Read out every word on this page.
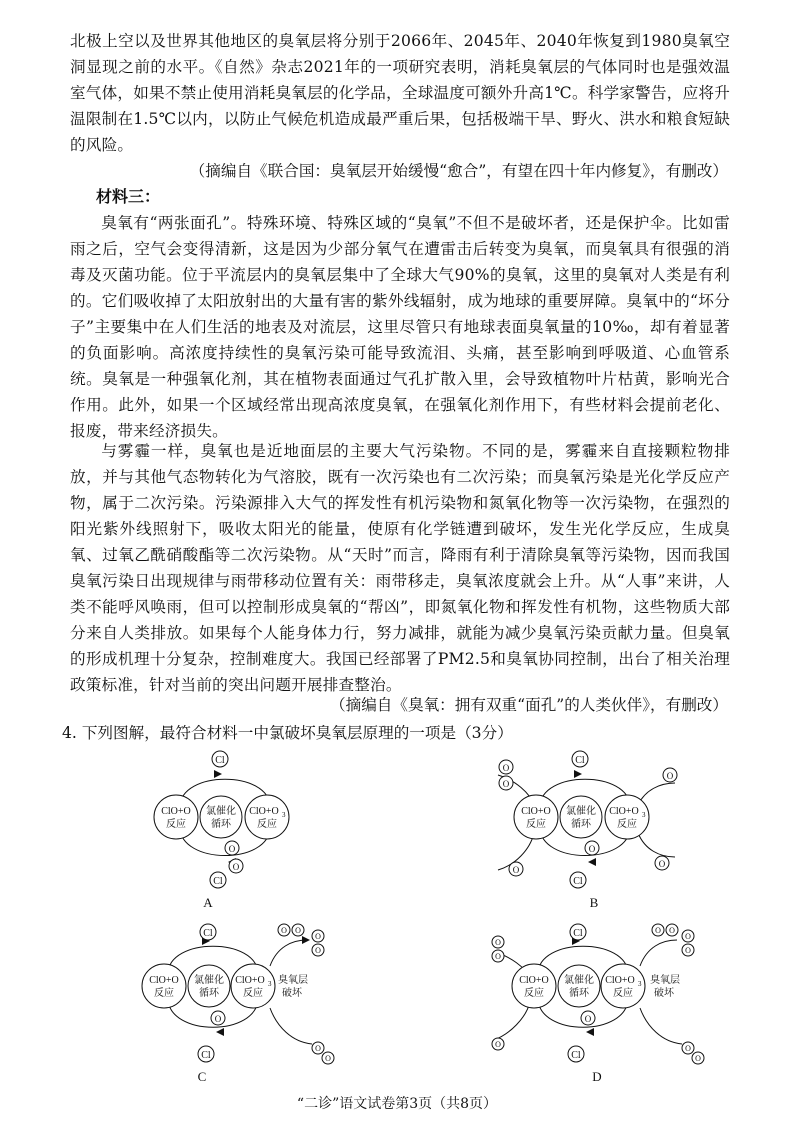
北极上空以及世界其他地区的臭氧层将分别于2066年、2045年、2040年恢复到1980臭氧空洞显现之前的水平。《自然》杂志2021年的一项研究表明，消耗臭氧层的气体同时也是强效温室气体，如果不禁止使用消耗臭氧层的化学品，全球温度可额外升高1℃。科学家警告，应将升温限制在1.5℃以内，以防止气候危机造成最严重后果，包括极端干旱、野火、洪水和粮食短缺的风险。

（摘编自《联合国：臭氧层开始缓慢“愈合”，有望在四十年内修复》，有删改）
材料三：

臭氧有“两张面孔”。特殊环境、特殊区域的“臭氧”不但不是破坏者，还是保护伞。比如雷雨之后，空气会变得清新，这是因为少部分氧气在遭雷击后转变为臭氧，而臭氧具有很强的消毒及灭菌功能。位于平流层内的臭氧层集中了全球大气90%的臭氧，这里的臭氧对人类是有利的。它们吸收掉了太阳放射出的大量有害的紫外线辐射，成为地球的重要屏障。臭氧中的“坏分子”主要集中在人们生活的地表及对流层，这里尽管只有地球表面臭氧量的10‰，却有着显著的负面影响。高浓度持续性的臭氧污染可能导致流泪、头痛，甚至影响到呼吸道、心血管系统。臭氧是一种强氧化剂，其在植物表面通过气孔扩散入里，会导致植物叶片枯黄，影响光合作用。此外，如果一个区域经常出现高浓度臭氧，在强氧化剂作用下，有些材料会提前老化、报废，带来经济损失。

与雾霾一样，臭氧也是近地面层的主要大气污染物。不同的是，雾霾来自直接颗粒物排放，并与其他气态物转化为气溶胶，既有一次污染也有二次污染；而臭氧污染是光化学反应产物，属于二次污染。污染源排入大气的挥发性有机污染物和氮氧化物等一次污染物，在强烈的阳光紫外线照射下，吸收太阳光的能量，使原有化学链遭到破坏，发生光化学反应，生成臭氧、过氧乙酰硝酸酯等二次污染物。从“天时”而言，降雨有利于清除臭氧等污染物，因而我国臭氧污染日出现规律与雨带移动位置有关：雨带移走，臭氧浓度就会上升。从“人事”来讲，人类不能呼风唤雨，但可以控制形成臭氧的“帮凶”，即氮氧化物和挥发性有机物，这些物质大部分来自人类排放。如果每个人能身体力行，努力减排，就能为减少臭氧污染贡献力量。但臭氧的形成机理十分复杂，控制难度大。我国已经部署了PM2.5和臭氧协同控制，出台了相关治理政策标准，针对当前的突出问题开展排查整治。

（摘编自《臭氧：拥有双重“面孔”的人类伙伴》，有删改）
4. 下列图解，最符合材料一中氯破坏臭氧层原理的一项是（3分）
Cl
Cl
O
O
ClO+O
反应
氯催化
循环
ClO+O 3
反应
A
O
O
O
Cl
Cl
O
ClO+O
反应
氯催化
循环
ClO+O 3
反应
O
O
B
Cl
Cl
O
ClO+O
反应
氯催化
循环
ClO+O 3
反应
臭氧层
破坏
O O
O
O
O
O
C
O
O
O
Cl
Cl
O
ClO+O
反应
氯催化
循环
ClO+O 3
反应
臭氧层
破坏
O O
O
O
O
O
D
“二诊”语文试卷第3页（共8页）
